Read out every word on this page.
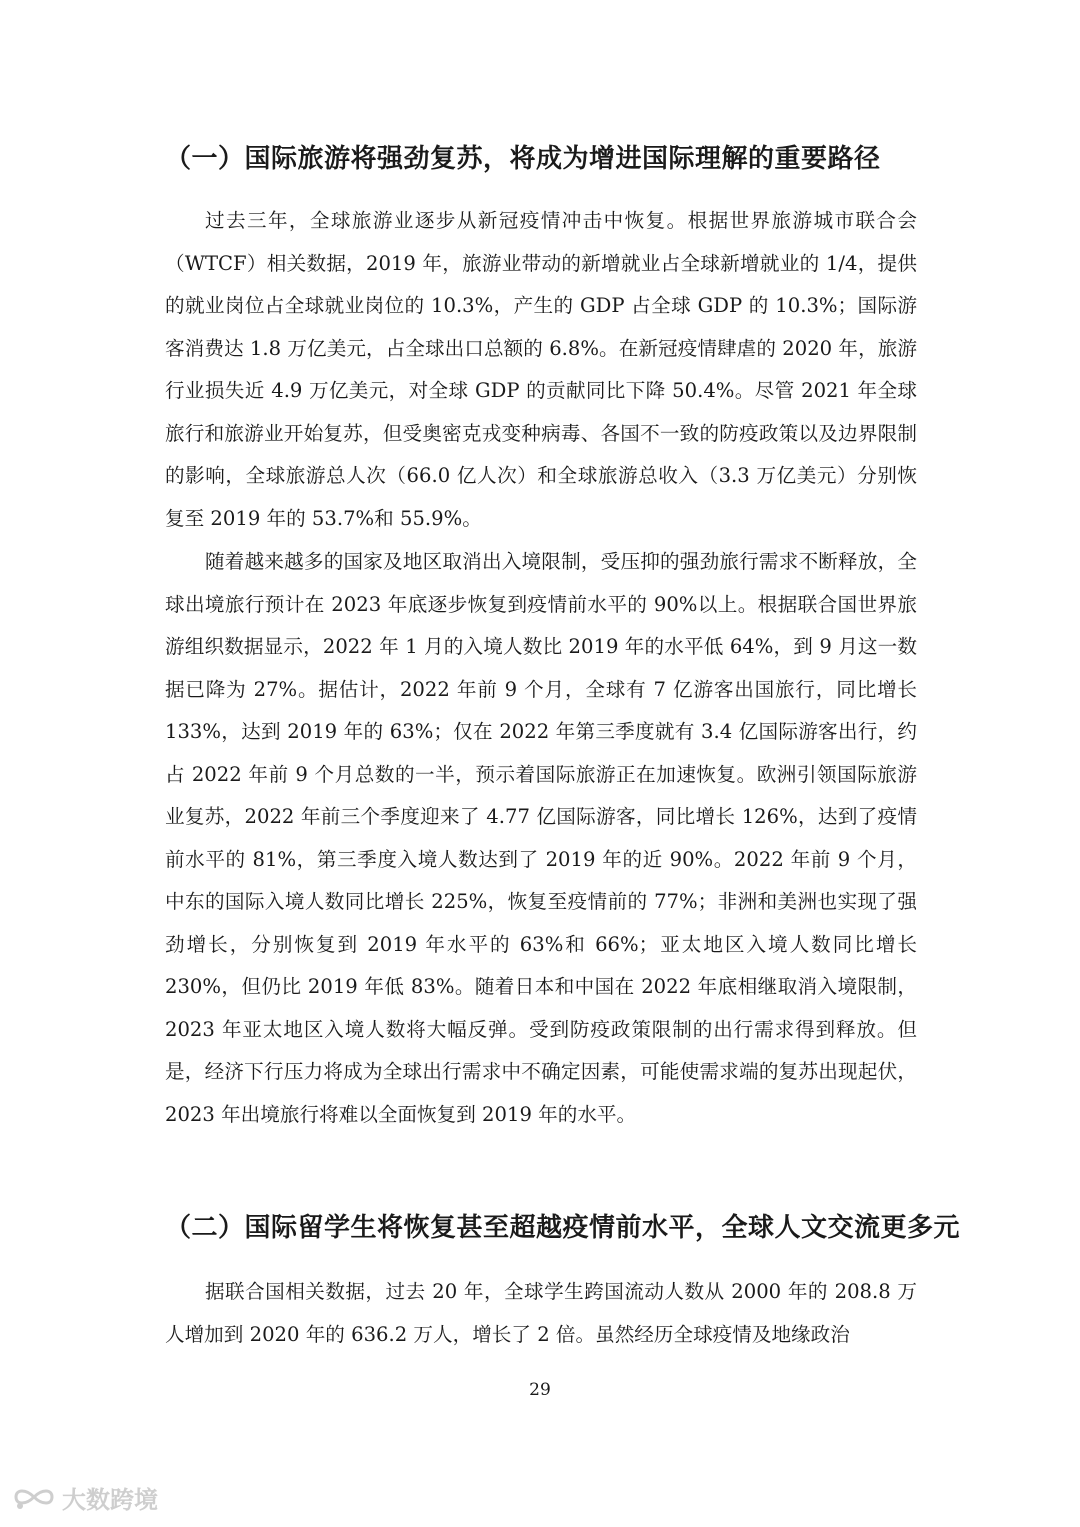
（一）国际旅游将强劲复苏，将成为增进国际理解的重要路径

过去三年，全球旅游业逐步从新冠疫情冲击中恢复。根据世界旅游城市联合会（WTCF）相关数据，2019 年，旅游业带动的新增就业占全球新增就业的 1/4，提供的就业岗位占全球就业岗位的 10.3%，产生的 GDP 占全球 GDP 的 10.3%；国际游客消费达 1.8 万亿美元，占全球出口总额的 6.8%。在新冠疫情肆虐的 2020 年，旅游行业损失近 4.9 万亿美元，对全球 GDP 的贡献同比下降 50.4%。尽管 2021 年全球旅行和旅游业开始复苏，但受奥密克戎变种病毒、各国不一致的防疫政策以及边界限制的影响，全球旅游总人次（66.0 亿人次）和全球旅游总收入（3.3 万亿美元）分别恢复至 2019 年的 53.7%和 55.9%。

随着越来越多的国家及地区取消出入境限制，受压抑的强劲旅行需求不断释放，全球出境旅行预计在 2023 年底逐步恢复到疫情前水平的 90%以上。根据联合国世界旅游组织数据显示，2022 年 1 月的入境人数比 2019 年的水平低 64%，到 9 月这一数据已降为 27%。据估计，2022 年前 9 个月，全球有 7 亿游客出国旅行，同比增长 133%，达到 2019 年的 63%；仅在 2022 年第三季度就有 3.4 亿国际游客出行，约占 2022 年前 9 个月总数的一半，预示着国际旅游正在加速恢复。欧洲引领国际旅游业复苏，2022 年前三个季度迎来了 4.77 亿国际游客，同比增长 126%，达到了疫情前水平的 81%，第三季度入境人数达到了 2019 年的近 90%。2022 年前 9 个月，中东的国际入境人数同比增长 225%，恢复至疫情前的 77%；非洲和美洲也实现了强劲增长，分别恢复到 2019 年水平的 63%和 66%；亚太地区入境人数同比增长 230%，但仍比 2019 年低 83%。随着日本和中国在 2022 年底相继取消入境限制，2023 年亚太地区入境人数将大幅反弹。受到防疫政策限制的出行需求得到释放。但是，经济下行压力将成为全球出行需求中不确定因素，可能使需求端的复苏出现起伏，2023 年出境旅行将难以全面恢复到 2019 年的水平。

（二）国际留学生将恢复甚至超越疫情前水平，全球人文交流更多元

据联合国相关数据，过去 20 年，全球学生跨国流动人数从 2000 年的 208.8 万人增加到 2020 年的 636.2 万人，增长了 2 倍。虽然经历全球疫情及地缘政治

29
大数跨境
